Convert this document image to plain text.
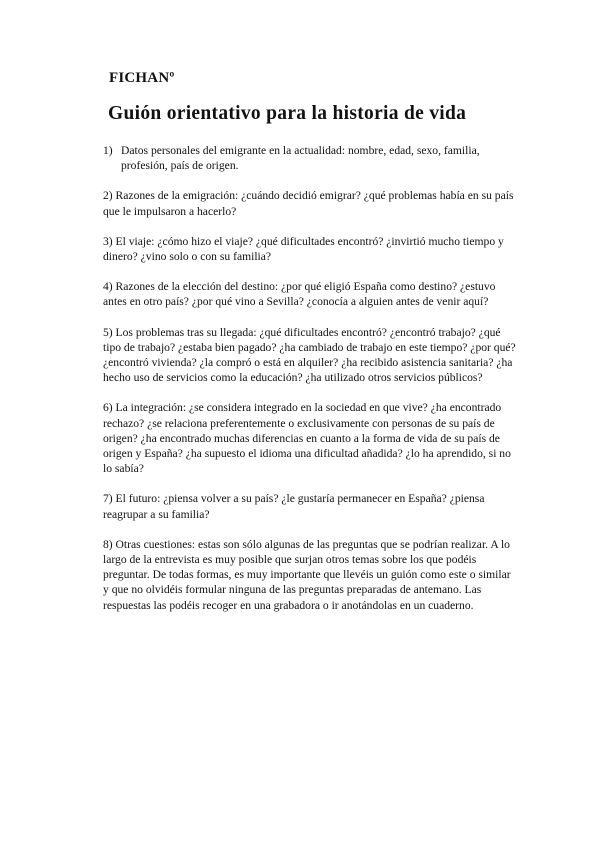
FICHANº
Guión orientativo para la historia de vida
1) Datos personales del emigrante en la actualidad: nombre, edad, sexo, familia, profesión, país de origen.
2) Razones de la emigración: ¿cuándo decidió emigrar? ¿qué problemas había en su país que le impulsaron a hacerlo?
3) El viaje: ¿cómo hizo el viaje? ¿qué dificultades encontró? ¿invirtió mucho tiempo y dinero? ¿vino solo o con su familia?
4) Razones de la elección del destino: ¿por qué eligió España como destino? ¿estuvo antes en otro país? ¿por qué vino a Sevilla? ¿conocía a alguien antes de venir aquí?
5) Los problemas tras su llegada: ¿qué dificultades encontró? ¿encontró trabajo? ¿qué tipo de trabajo? ¿estaba bien pagado? ¿ha cambiado de trabajo en este tiempo? ¿por qué? ¿encontró vivienda? ¿la compró o está en alquiler? ¿ha recibido asistencia sanitaria? ¿ha hecho uso de servicios como la educación? ¿ha utilizado otros servicios públicos?
6) La integración: ¿se considera integrado en la sociedad en que vive? ¿ha encontrado rechazo? ¿se relaciona preferentemente o exclusivamente con personas de su país de origen? ¿ha encontrado muchas diferencias en cuanto a la forma de vida de su país de origen y España? ¿ha supuesto el idioma una dificultad añadida? ¿lo ha aprendido, si no lo sabía?
7) El futuro: ¿piensa volver a su país? ¿le gustaría permanecer en España? ¿piensa reagrupar a su familia?
8) Otras cuestiones: estas son sólo algunas de las preguntas que se podrían realizar. A lo largo de la entrevista es muy posible que surjan otros temas sobre los que podéis preguntar. De todas formas, es muy importante que llevéis un guión como este o similar y que no olvidéis formular ninguna de las preguntas preparadas de antemano. Las respuestas las podéis recoger en una grabadora o ir anotándolas en un cuaderno.
